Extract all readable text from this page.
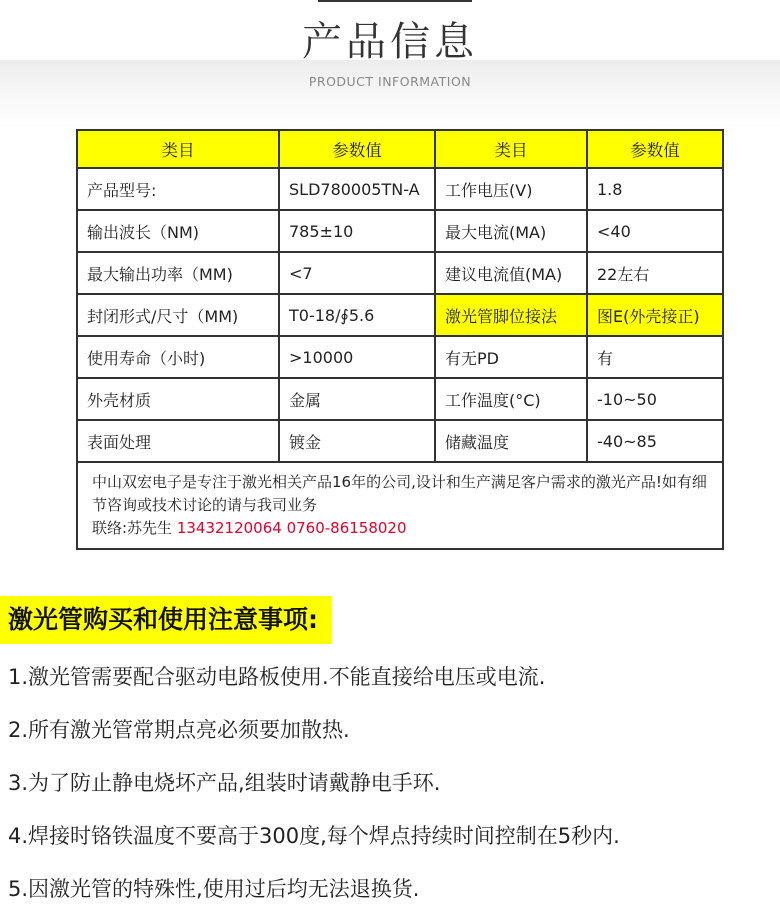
产品信息
PRODUCT INFORMATION
类目	参数值	类目	参数值
产品型号:	SLD780005TN-A	工作电压(V)	1.8
输出波长（NM)	785±10	最大电流(MA)	<40
最大输出功率（MM)	<7	建议电流值(MA)	22左右
封闭形式/尺寸（MM)	T0-18/∮5.6	激光管脚位接法	图E(外壳接正)
使用寿命（小时)	>10000	有无PD	有
外壳材质	金属	工作温度(°C)	-10~50
表面处理	镀金	储藏温度	-40~85
中山双宏电子是专注于激光相关产品16年的公司,设计和生产满足客户需求的激光产品!如有细节咨询或技术讨论的请与我司业务
联络:苏先生 13432120064 0760-86158020			
激光管购买和使用注意事项:
1.激光管需要配合驱动电路板使用.不能直接给电压或电流.
2.所有激光管常期点亮必须要加散热.
3.为了防止静电烧坏产品,组装时请戴静电手环.
4.焊接时铬铁温度不要高于300度,每个焊点持续时间控制在5秒内.
5.因激光管的特殊性,使用过后均无法退换货.
